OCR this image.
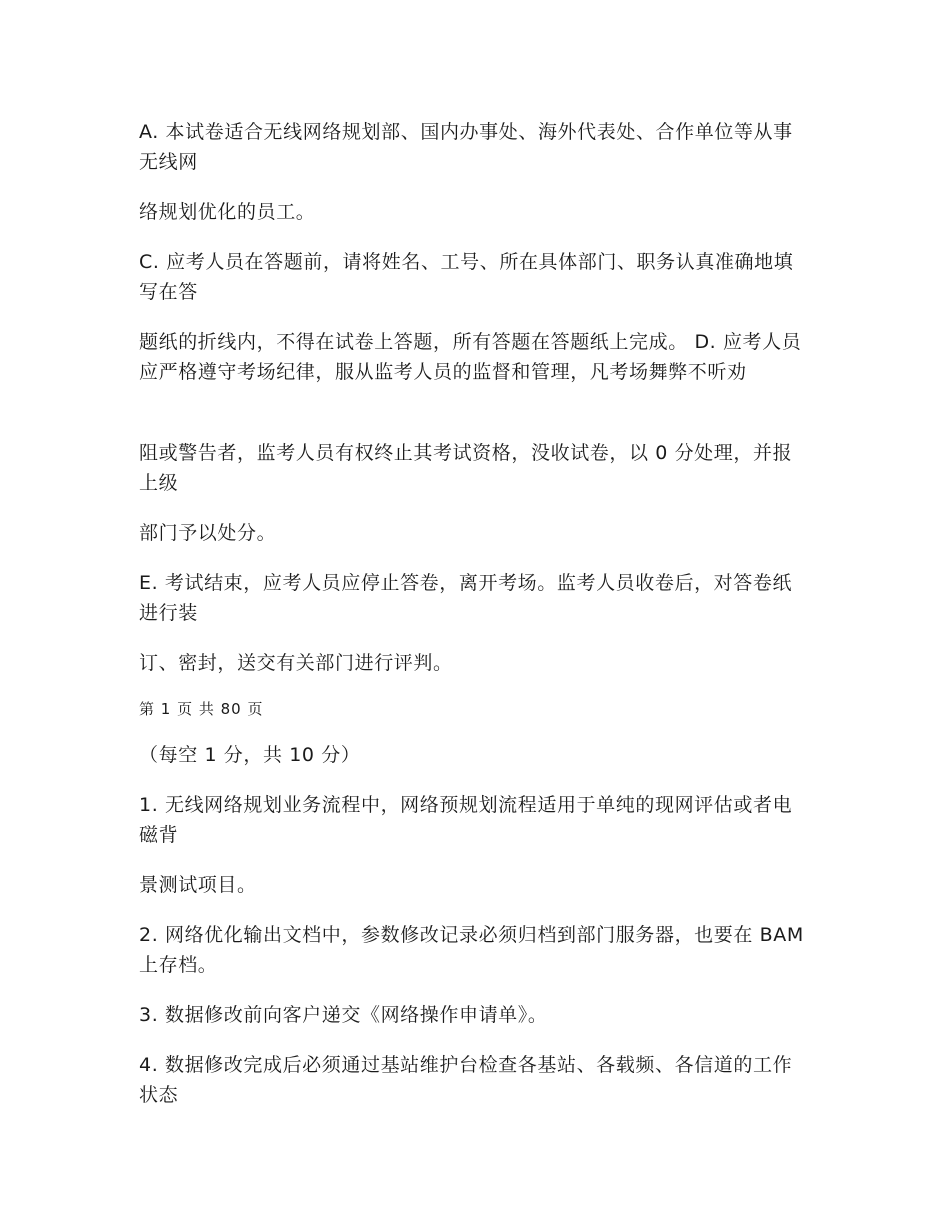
A. 本试卷适合无线网络规划部、国内办事处、海外代表处、合作单位等从事无线网

络规划优化的员工。

C. 应考人员在答题前，请将姓名、工号、所在具体部门、职务认真准确地填写在答

题纸的折线内，不得在试卷上答题，所有答题在答题纸上完成。 D. 应考人员应严格遵守考场纪律，服从监考人员的监督和管理，凡考场舞弊不听劝

阻或警告者，监考人员有权终止其考试资格，没收试卷，以 0 分处理，并报上级

部门予以处分。

E. 考试结束，应考人员应停止答卷，离开考场。监考人员收卷后，对答卷纸进行装

订、密封，送交有关部门进行评判。

第 1 页 共 80 页

（每空 1 分，共 10 分）

1. 无线网络规划业务流程中，网络预规划流程适用于单纯的现网评估或者电磁背

景测试项目。

2. 网络优化输出文档中，参数修改记录必须归档到部门服务器，也要在 BAM 上存档。

3. 数据修改前向客户递交《网络操作申请单》。

4. 数据修改完成后必须通过基站维护台检查各基站、各载频、各信道的工作状态
